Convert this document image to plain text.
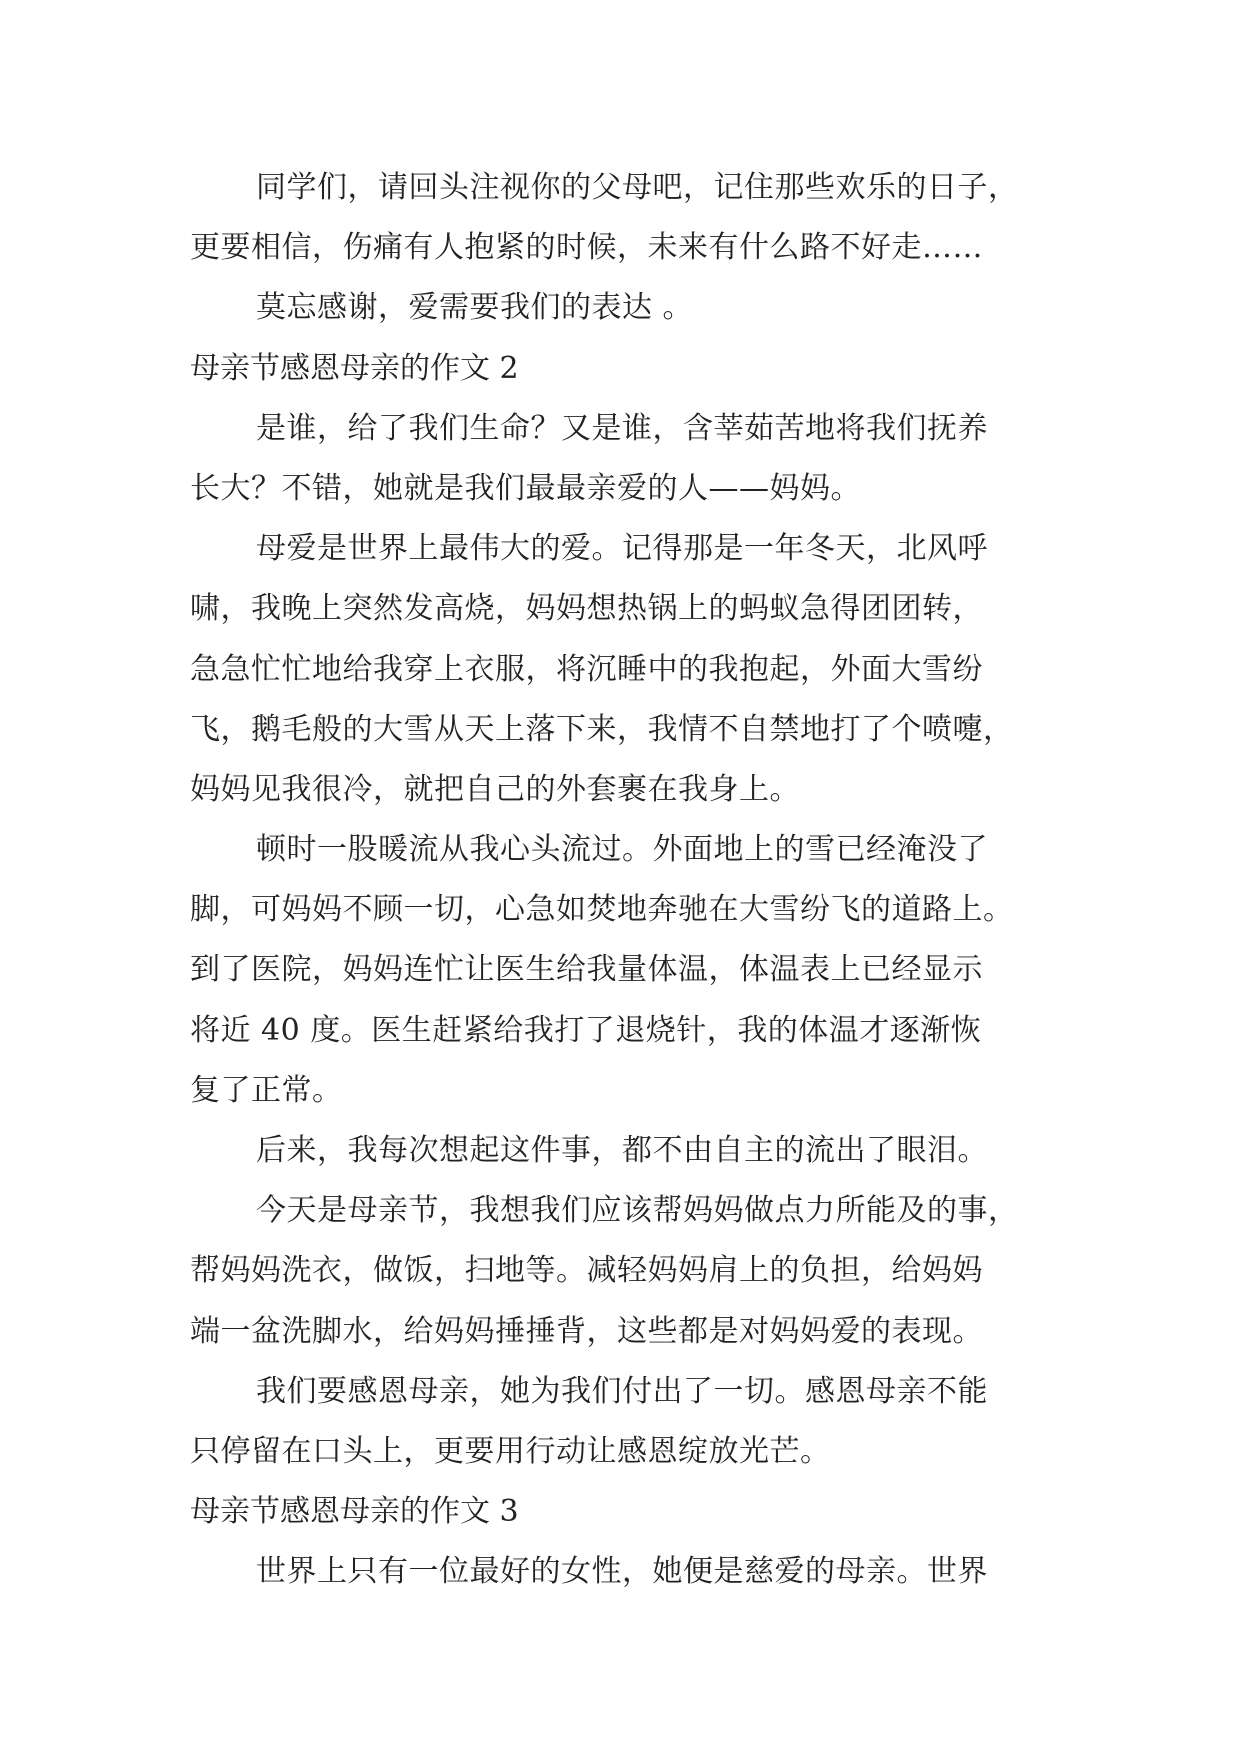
同学们，请回头注视你的父母吧，记住那些欢乐的日子，
更要相信，伤痛有人抱紧的时候，未来有什么路不好走……
莫忘感谢，爱需要我们的表达 。
母亲节感恩母亲的作文 2
是谁，给了我们生命？又是谁，含莘茹苦地将我们抚养
长大？不错，她就是我们最最亲爱的人——妈妈。
母爱是世界上最伟大的爱。记得那是一年冬天，北风呼
啸，我晚上突然发高烧，妈妈想热锅上的蚂蚁急得团团转，
急急忙忙地给我穿上衣服，将沉睡中的我抱起，外面大雪纷
飞，鹅毛般的大雪从天上落下来，我情不自禁地打了个喷嚏，
妈妈见我很冷，就把自己的外套裹在我身上。
顿时一股暖流从我心头流过。外面地上的雪已经淹没了
脚，可妈妈不顾一切，心急如焚地奔驰在大雪纷飞的道路上。
到了医院，妈妈连忙让医生给我量体温，体温表上已经显示
将近 40 度。医生赶紧给我打了退烧针，我的体温才逐渐恢
复了正常。
后来，我每次想起这件事，都不由自主的流出了眼泪。
今天是母亲节，我想我们应该帮妈妈做点力所能及的事，
帮妈妈洗衣，做饭，扫地等。减轻妈妈肩上的负担，给妈妈
端一盆洗脚水，给妈妈捶捶背，这些都是对妈妈爱的表现。
我们要感恩母亲，她为我们付出了一切。感恩母亲不能
只停留在口头上，更要用行动让感恩绽放光芒。
母亲节感恩母亲的作文 3
世界上只有一位最好的女性，她便是慈爱的母亲。世界
